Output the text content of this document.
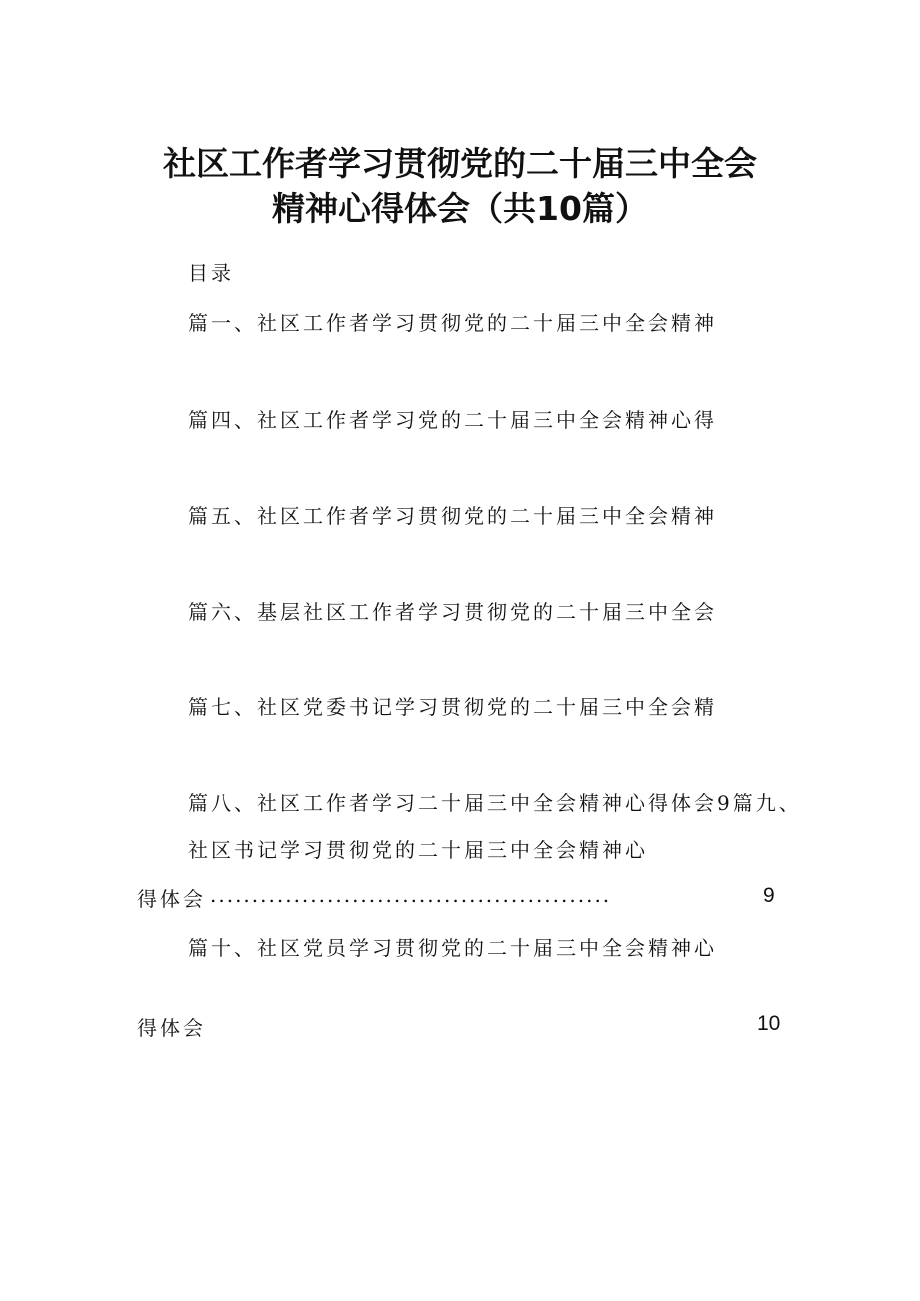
社区工作者学习贯彻党的二十届三中全会
精神心得体会（共10篇）
目录
篇一、社区工作者学习贯彻党的二十届三中全会精神
篇四、社区工作者学习党的二十届三中全会精神心得
篇五、社区工作者学习贯彻党的二十届三中全会精神
篇六、基层社区工作者学习贯彻党的二十届三中全会
篇七、社区党委书记学习贯彻党的二十届三中全会精
篇八、社区工作者学习二十届三中全会精神心得体会9篇九、
社区书记学习贯彻党的二十届三中全会精神心
得体会 ................................................	9
篇十、社区党员学习贯彻党的二十届三中全会精神心
得体会	10
